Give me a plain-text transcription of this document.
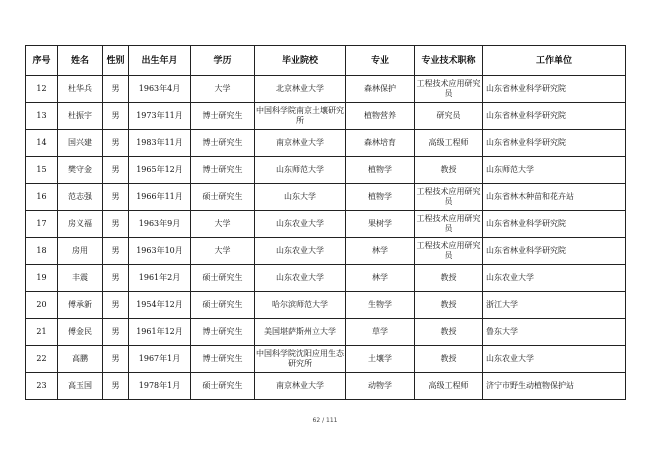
序号	姓名	性别	出生年月	学历	毕业院校	专业	专业技术职称	工作单位
12	杜华兵	男	1963年4月	大学	北京林业大学	森林保护	工程技术应用研究员	山东省林业科学研究院
13	杜振宇	男	1973年11月	博士研究生	中国科学院南京土壤研究所	植物营养	研究员	山东省林业科学研究院
14	国兴建	男	1983年11月	博士研究生	南京林业大学	森林培育	高级工程师	山东省林业科学研究院
15	樊守金	男	1965年12月	博士研究生	山东师范大学	植物学	教授	山东师范大学
16	范志强	男	1966年11月	硕士研究生	山东大学	植物学	工程技术应用研究员	山东省林木种苗和花卉站
17	房义福	男	1963年9月	大学	山东农业大学	果树学	工程技术应用研究员	山东省林业科学研究院
18	房用	男	1963年10月	大学	山东农业大学	林学	工程技术应用研究员	山东省林业科学研究院
19	丰震	男	1961年2月	硕士研究生	山东农业大学	林学	教授	山东农业大学
20	傅承新	男	1954年12月	硕士研究生	哈尔滨师范大学	生物学	教授	浙江大学
21	傅金民	男	1961年12月	博士研究生	美国堪萨斯州立大学	草学	教授	鲁东大学
22	高鹏	男	1967年1月	博士研究生	中国科学院沈阳应用生态研究所	土壤学	教授	山东农业大学
23	高玉国	男	1978年1月	硕士研究生	南京林业大学	动物学	高级工程师	济宁市野生动植物保护站
62 / 111
